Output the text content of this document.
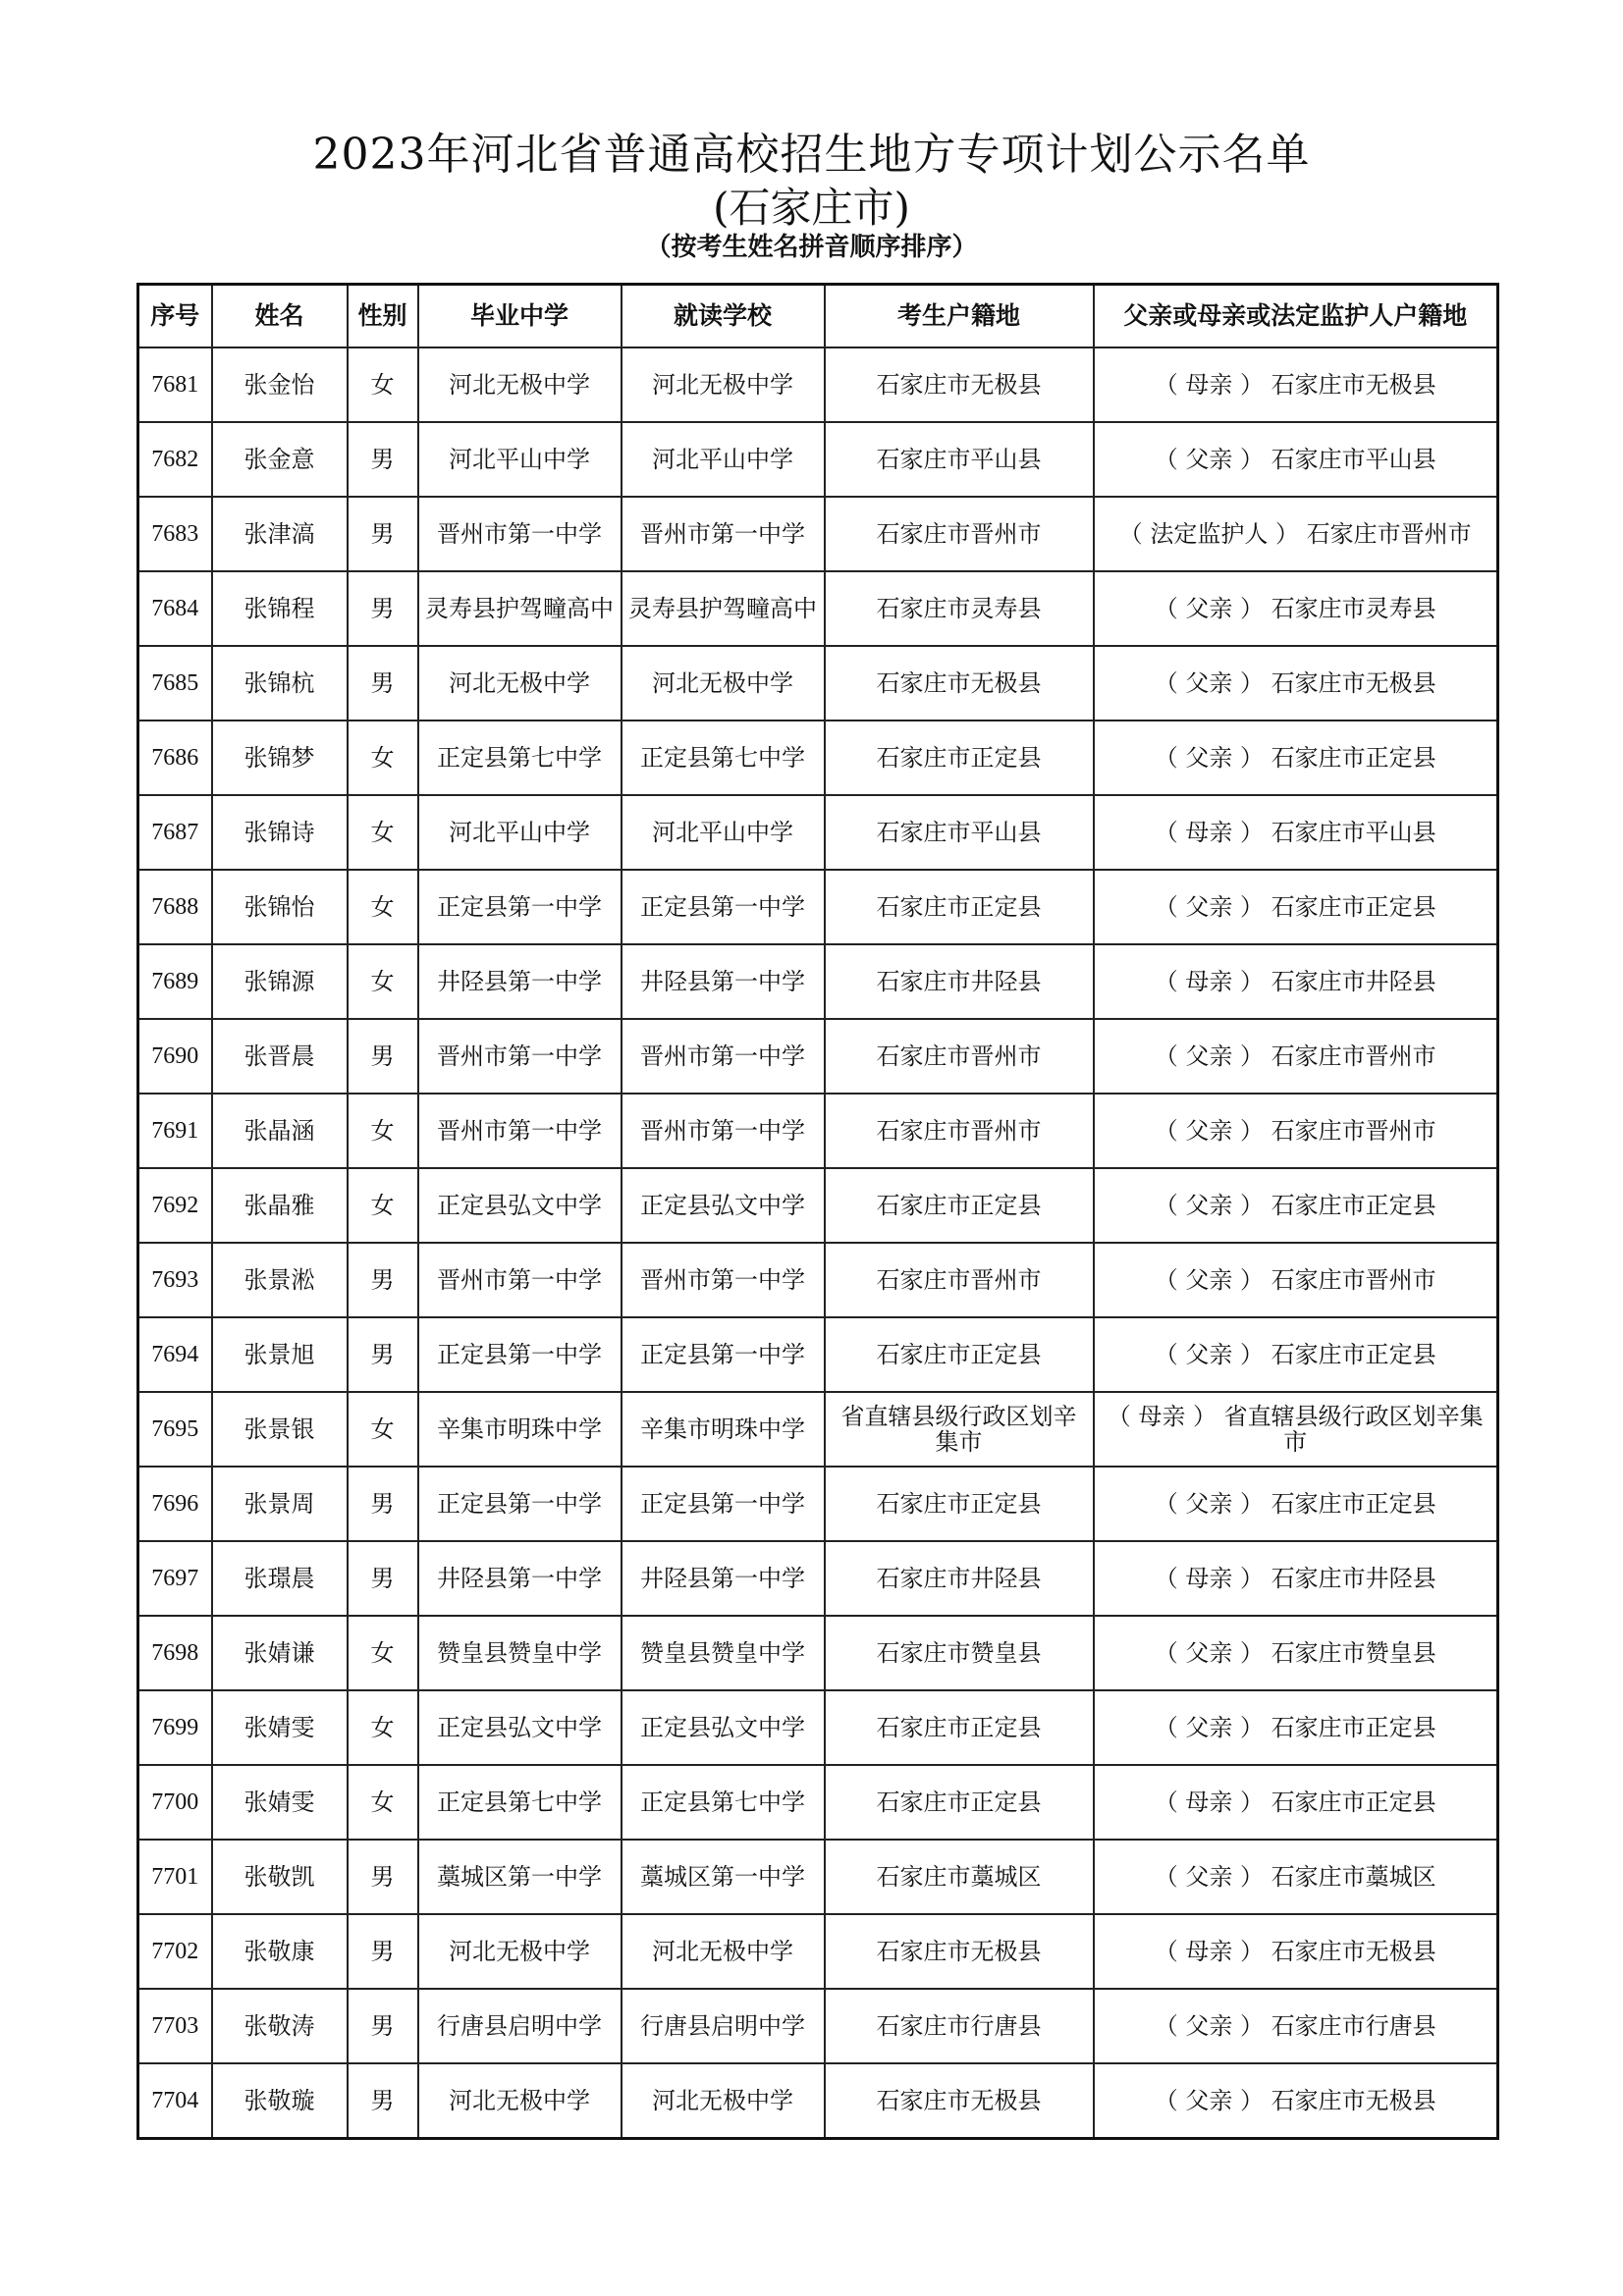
2023年河北省普通高校招生地方专项计划公示名单
(石家庄市)
（按考生姓名拼音顺序排序）
序号	姓名	性别	毕业中学	就读学校	考生户籍地	父亲或母亲或法定监护人户籍地
7681	张金怡	女	河北无极中学	河北无极中学	石家庄市无极县	（ 母亲 ） 石家庄市无极县
7682	张金意	男	河北平山中学	河北平山中学	石家庄市平山县	（ 父亲 ） 石家庄市平山县
7683	张津滈	男	晋州市第一中学	晋州市第一中学	石家庄市晋州市	（ 法定监护人 ） 石家庄市晋州市
7684	张锦程	男	灵寿县护驾疃高中	灵寿县护驾疃高中	石家庄市灵寿县	（ 父亲 ） 石家庄市灵寿县
7685	张锦杭	男	河北无极中学	河北无极中学	石家庄市无极县	（ 父亲 ） 石家庄市无极县
7686	张锦梦	女	正定县第七中学	正定县第七中学	石家庄市正定县	（ 父亲 ） 石家庄市正定县
7687	张锦诗	女	河北平山中学	河北平山中学	石家庄市平山县	（ 母亲 ） 石家庄市平山县
7688	张锦怡	女	正定县第一中学	正定县第一中学	石家庄市正定县	（ 父亲 ） 石家庄市正定县
7689	张锦源	女	井陉县第一中学	井陉县第一中学	石家庄市井陉县	（ 母亲 ） 石家庄市井陉县
7690	张晋晨	男	晋州市第一中学	晋州市第一中学	石家庄市晋州市	（ 父亲 ） 石家庄市晋州市
7691	张晶涵	女	晋州市第一中学	晋州市第一中学	石家庄市晋州市	（ 父亲 ） 石家庄市晋州市
7692	张晶雅	女	正定县弘文中学	正定县弘文中学	石家庄市正定县	（ 父亲 ） 石家庄市正定县
7693	张景淞	男	晋州市第一中学	晋州市第一中学	石家庄市晋州市	（ 父亲 ） 石家庄市晋州市
7694	张景旭	男	正定县第一中学	正定县第一中学	石家庄市正定县	（ 父亲 ） 石家庄市正定县
7695	张景银	女	辛集市明珠中学	辛集市明珠中学	省直辖县级行政区划辛集市	（ 母亲 ） 省直辖县级行政区划辛集市
7696	张景周	男	正定县第一中学	正定县第一中学	石家庄市正定县	（ 父亲 ） 石家庄市正定县
7697	张璟晨	男	井陉县第一中学	井陉县第一中学	石家庄市井陉县	（ 母亲 ） 石家庄市井陉县
7698	张婧谦	女	赞皇县赞皇中学	赞皇县赞皇中学	石家庄市赞皇县	（ 父亲 ） 石家庄市赞皇县
7699	张婧雯	女	正定县弘文中学	正定县弘文中学	石家庄市正定县	（ 父亲 ） 石家庄市正定县
7700	张婧雯	女	正定县第七中学	正定县第七中学	石家庄市正定县	（ 母亲 ） 石家庄市正定县
7701	张敬凯	男	藁城区第一中学	藁城区第一中学	石家庄市藁城区	（ 父亲 ） 石家庄市藁城区
7702	张敬康	男	河北无极中学	河北无极中学	石家庄市无极县	（ 母亲 ） 石家庄市无极县
7703	张敬涛	男	行唐县启明中学	行唐县启明中学	石家庄市行唐县	（ 父亲 ） 石家庄市行唐县
7704	张敬璇	男	河北无极中学	河北无极中学	石家庄市无极县	（ 父亲 ） 石家庄市无极县
